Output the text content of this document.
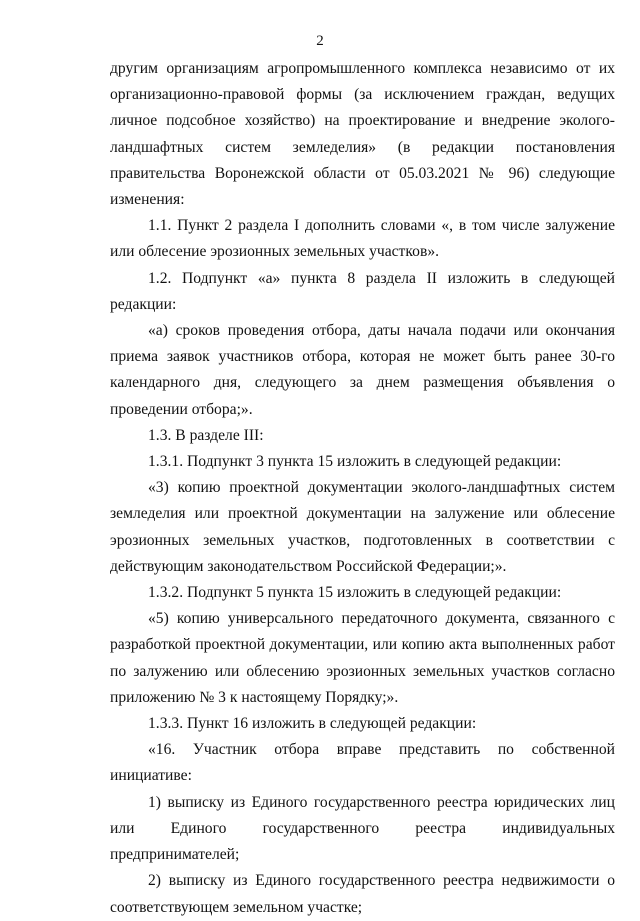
2

другим организациям агропромышленного комплекса независимо от их организационно-правовой формы (за исключением граждан, ведущих личное подсобное хозяйство) на проектирование и внедрение эколого-ландшафтных систем земледелия» (в редакции постановления правительства Воронежской области от 05.03.2021 № 96) следующие изменения:

1.1. Пункт 2 раздела I дополнить словами «, в том числе залужение или облесение эрозионных земельных участков».

1.2. Подпункт «а» пункта 8 раздела II изложить в следующей редакции:

«а) сроков проведения отбора, даты начала подачи или окончания приема заявок участников отбора, которая не может быть ранее 30-го календарного дня, следующего за днем размещения объявления о проведении отбора;».

1.3. В разделе III:

1.3.1. Подпункт 3 пункта 15 изложить в следующей редакции:

«3) копию проектной документации эколого-ландшафтных систем земледелия или проектной документации на залужение или облесение эрозионных земельных участков, подготовленных в соответствии с действующим законодательством Российской Федерации;».

1.3.2. Подпункт 5 пункта 15 изложить в следующей редакции:

«5) копию универсального передаточного документа, связанного с разработкой проектной документации, или копию акта выполненных работ по залужению или облесению эрозионных земельных участков согласно приложению № 3 к настоящему Порядку;».

1.3.3. Пункт 16 изложить в следующей редакции:

«16. Участник отбора вправе представить по собственной инициативе:

1) выписку из Единого государственного реестра юридических лиц или Единого государственного реестра индивидуальных предпринимателей;

2) выписку из Единого государственного реестра недвижимости о соответствующем земельном участке;
